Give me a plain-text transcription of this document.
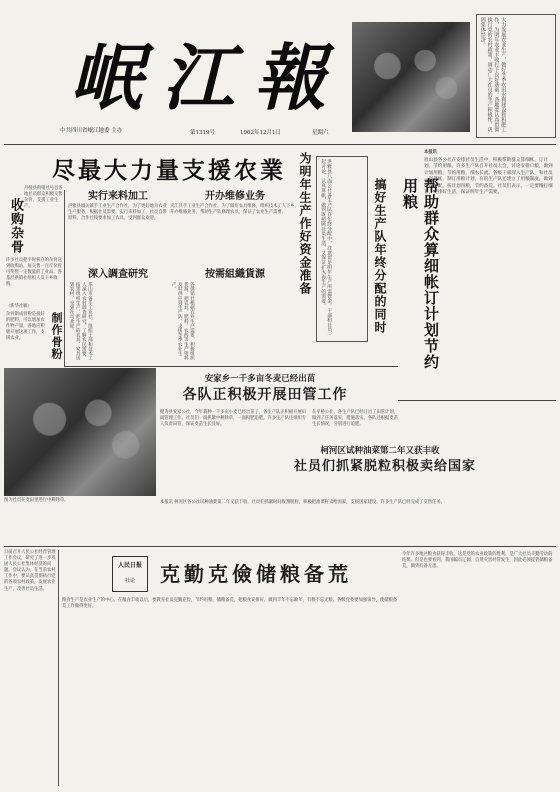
岷江報
中共四川省岷江地委 主办	第1319号	1962年12月1日	星期六
大力发展农业生产，做好冬季农田水利建设和积肥工作，为明年农业丰收打下良好基础。各地要认真贯彻执行党的农村政策，调动广大社员的生产积极性，巩固集体经济。
收购杂骨
丹棱县供销社号召各地社员群众积极交售杂骨，支援工业生产。
许多社员把平时积存的杂骨送到收购站，每交售一百斤杂骨可奖售一定数量的工业品。各基层供销社组织人员下乡收购。
（新华社稿）
制作骨粉
杂骨制成骨粉是很好的肥料，可以增加农作物产量，各地应积极开展这项工作，支援农业。
尽最大力量支援农業
实行来料加工
洪雅县城关镇手工业生产合作社，为了更好地为农业生产服务，根据社员需要，实行来料加工，社员自带原料，合作社按要求加工农具，受到群众欢迎。
开办维修业务
夹江县手工业生产合作社，为了做好农具维修，组织技术工人下乡，开办维修业务，帮助生产队修理农具，保证了农业生产需要。
深入調查研究
乐山市各手工业社，组织干部和技术工人深入农村调查研究，了解农民需要，按需组织生产，把生产的农具、家具送到农村，受到社员欢迎。
按需組織貨源
各供销社根据农业生产需要，积极组织货源，把农具、肥料、农药等生产资料及时供应到生产队，支援冬季农业生产。	为明年生产作好资金准备	洪雅县八面公社各生产队在年终分配中，注意留足明年生产所需资金。干部和社员一起讨论，认真算帐，做到既照顾社员生活，又保证扩大再生产的需要。	搞好生产队年终分配的同时	帮助群众算细帐订计划节约用粮
本报讯
眉山县各公社在安排社员生活中，积极帮助群众算细帐、订计划，节约用粮。许多生产队召开社员大会，讨论安排口粮，做到计划用粮，节约用粮，细水长流。各级干部深入生产队，和社员一起算帐，制订用粮计划，有的生产队还建立了用粮制度，做到按月分配，按计划用粮，节约备荒。社员们表示，一定要精打细算，安排好生活，保证明年生产需要。
安家乡一千多亩冬麦已经出苗
各队正积极开展田管工作
图为社员在麦田里进行中耕除草。
犍为县安家公社，今年栽种一千多亩小麦已经出苗了，各生产队正积极开展田间管理工作。社员们一面抓紧中耕除草，一面积肥追肥。许多生产队还组织专人负责田管，保证麦苗生长良好。
在平桥公社，各生产队已经订出了田管计划，做到了任务落实，措施落实。各队还根据麦苗生长情况，分别进行追肥。
柯河区试种油菜第二年又获丰收
社员们抓紧脱粒积极卖给国家
本报讯 柯河区各公社试种油菜第二年又获丰收。社员们抓紧时间收割脱粒，积极把油菜籽卖给国家，支援国家建设。许多生产队已经完成了交售任务。
日前召开人民公社经营管理工作会议，研究了进一步巩固人民公社集体经济的问题。会议认为，在当前农村工作中，要认真贯彻执行党的各项农村政策，发展农业生产，改善社员生活。
人民日报
社论	克勤克儉储粮备荒
粮食生产是农业生产的中心。在粮食丰收以后，要教育社员克勤克俭，节约用粮，储粮备荒，把粮食安排好，做到丰年不忘歉年，有粮不忘无粮。各级党委要加强领导，使储粮备荒工作做得更好。
今年许多地区粮食获得丰收，这是党的农业政策的胜利，是广大社员辛勤劳动的结果。但是也要看到，我国幅员辽阔，自然灾害经常发生，因此必须提倡储粮备荒，做到有备无患。
